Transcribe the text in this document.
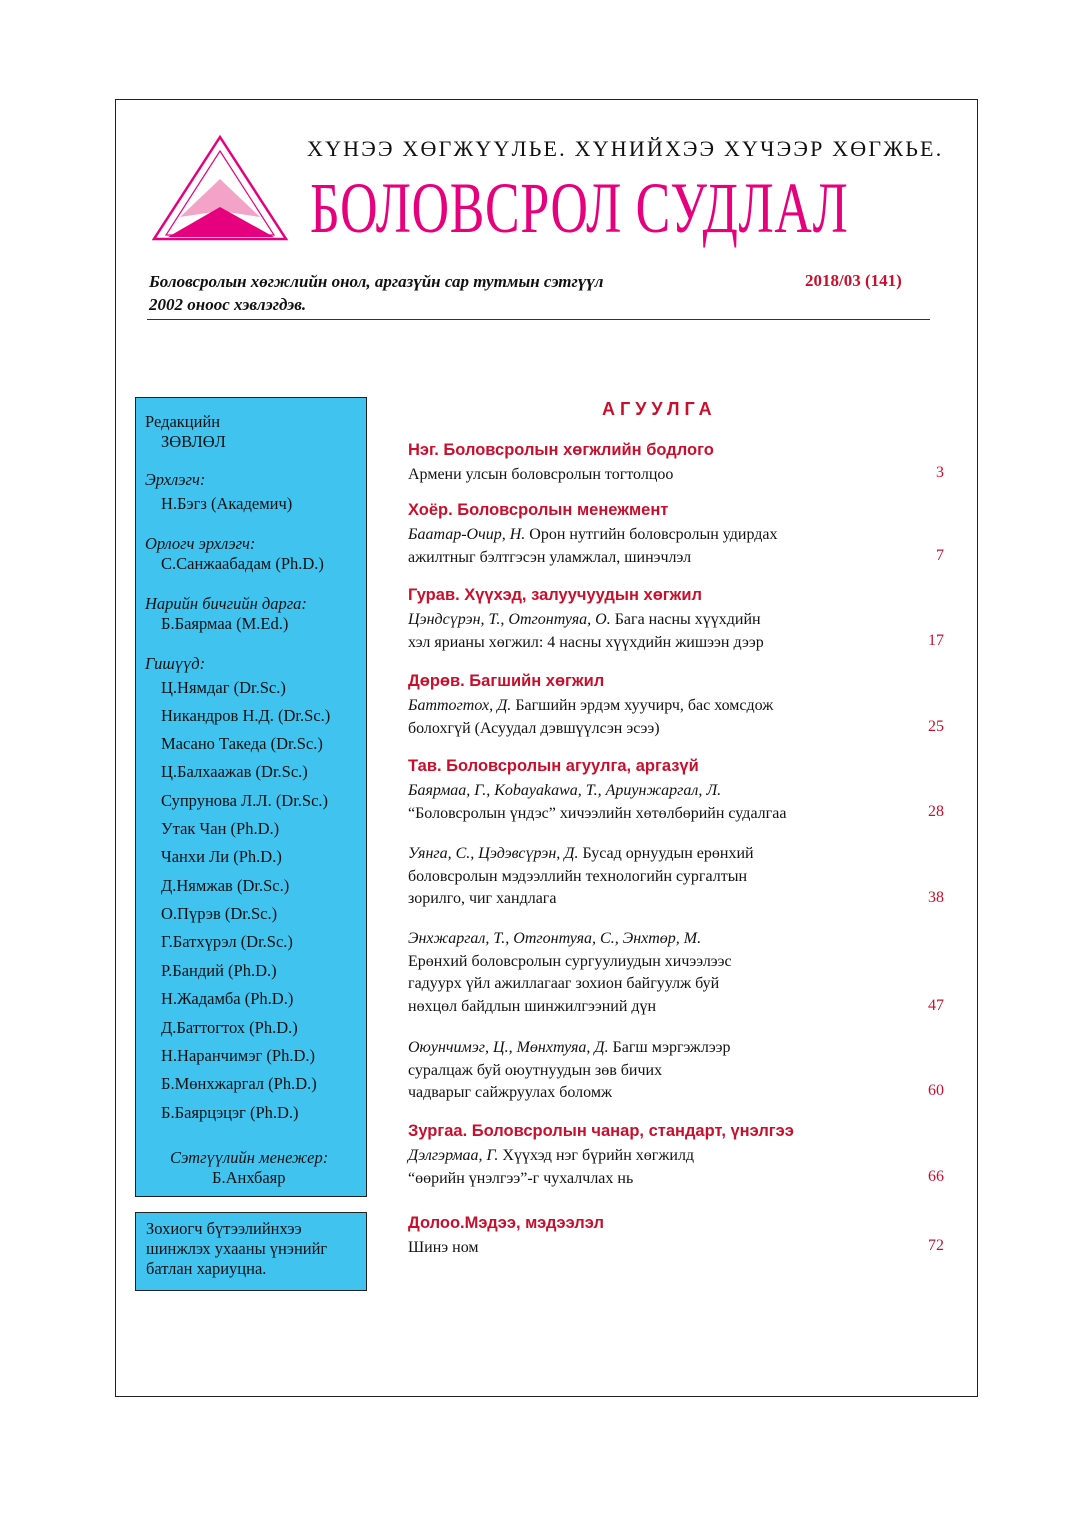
ХҮНЭЭ ХӨГЖҮҮЛЬЕ. ХҮНИЙХЭЭ ХҮЧЭЭР ХӨГЖЬЕ.
БОЛОВСРОЛ СУДЛАЛ
Боловсролын хөгжлийн онол, аргазүйн сар тутмын сэтгүүл
2002 оноос хэвлэгдэв.
2018/03 (141)
Редакцийн
ЗӨВЛӨЛ
Эрхлэгч:
Н.Бэгз (Академич)
Орлогч эрхлэгч:
С.Санжаабадам (Ph.D.)
Нарийн бичгийн дарга:
Б.Баярмаа (M.Ed.)
Гишүүд:
Ц.Нямдаг (Dr.Sc.)
Никандров Н.Д. (Dr.Sc.)
Масано Такеда (Dr.Sc.)
Ц.Балхаажав (Dr.Sc.)
Супрунова Л.Л. (Dr.Sc.)
Утак Чан (Ph.D.)
Чанхи Ли (Ph.D.)
Д.Нямжав (Dr.Sc.)
О.Пүрэв (Dr.Sc.)
Г.Батхүрэл (Dr.Sc.)
Р.Бандий (Ph.D.)
Н.Жадамба (Ph.D.)
Д.Баттогтох (Ph.D.)
Н.Наранчимэг (Ph.D.)
Б.Мөнхжаргал (Ph.D.)
Б.Баярцэцэг (Ph.D.)
Сэтгүүлийн менежер:
Б.Анхбаяр
Зохиогч бүтээлийнхээ
шинжлэх ухааны үнэнийг
батлан хариуцна.
АГУУЛГА
Нэг. Боловсролын хөгжлийн бодлого
Армени улсын боловсролын тогтолцоо	3
Хоёр. Боловсролын менежмент
Баатар-Очир, Н. Орон нутгийн боловсролын удирдах
ажилтныг бэлтгэсэн уламжлал, шинэчлэл	7
Гурав. Хүүхэд, залуучуудын хөгжил
Цэндсүрэн, Т., Отгонтуяа, О. Бага насны хүүхдийн
хэл ярианы хөгжил: 4 насны хүүхдийн жишээн дээр	17
Дөрөв. Багшийн хөгжил
Баттогтох, Д. Багшийн эрдэм хуучирч, бас хомсдож
болохгүй (Асуудал дэвшүүлсэн эсээ)	25
Тав. Боловсролын агуулга, аргазүй
Баярмаа, Г., Kobayakawa, Т., Ариунжаргал, Л.
“Боловсролын үндэс” хичээлийн хөтөлбөрийн судалгаа	28
Уянга, С., Цэдэвсүрэн, Д. Бусад орнуудын ерөнхий
боловсролын мэдээллийн технологийн сургалтын
зорилго, чиг хандлага	38
Энхжаргал, Т., Отгонтуяа, С., Энхтөр, М.
Ерөнхий боловсролын сургуулиудын хичээлээс
гадуурх үйл ажиллагааг зохион байгуулж буй
нөхцөл байдлын шинжилгээний дүн	47
Оюунчимэг, Ц., Мөнхтуяа, Д. Багш мэргэжлээр
суралцаж буй оюутнуудын зөв бичих
чадварыг сайжруулах боломж	60
Зургаа. Боловсролын чанар, стандарт, үнэлгээ
Дэлгэрмаа, Г. Хүүхэд нэг бүрийн хөгжилд
“өөрийн үнэлгээ”-г чухалчлах нь	66
Долоо.Мэдээ, мэдээлэл
Шинэ ном	72
